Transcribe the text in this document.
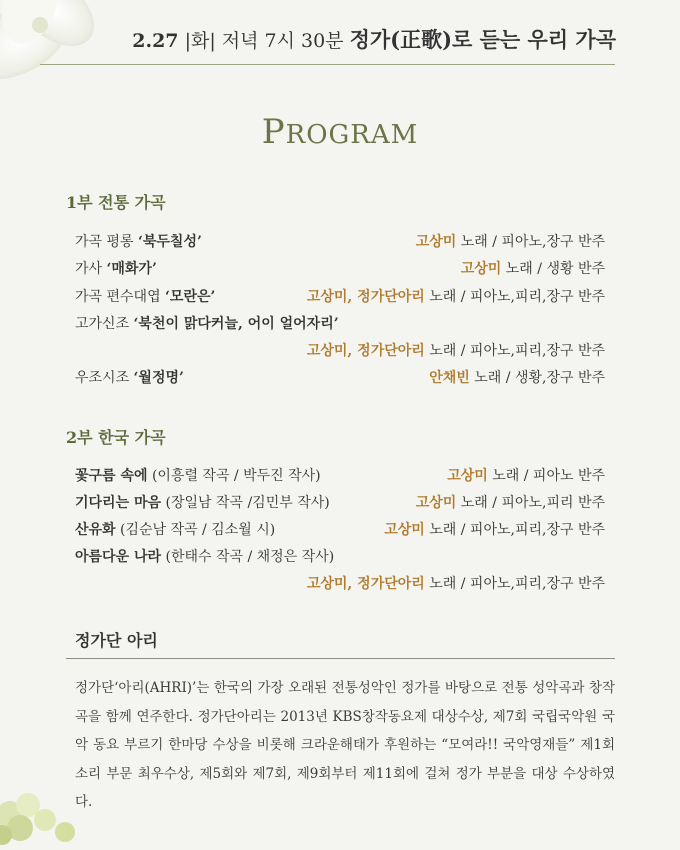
2.27 |화| 저녁 7시 30분 정가(正歌)로 듣는 우리 가곡
PROGRAM
1부 전통 가곡
가곡 평롱 ‘북두칠성’	고상미 노래 / 피아노,장구 반주
가사 ‘매화가’	고상미 노래 / 생황 반주
가곡 편수대엽 ‘모란은’	고상미, 정가단아리 노래 / 피아노,피리,장구 반주
고가신조 ‘북천이 맑다커늘, 어이 얼어자리’
고상미, 정가단아리 노래 / 피아노,피리,장구 반주
우조시조 ‘월정명’	안채빈 노래 / 생황,장구 반주
2부 한국 가곡
꽃구름 속에 (이흥렬 작곡 / 박두진 작사)	고상미 노래 / 피아노 반주
기다리는 마음 (장일남 작곡 /김민부 작사)	고상미 노래 / 피아노,피리 반주
산유화 (김순남 작곡 / 김소월 시)	고상미 노래 / 피아노,피리,장구 반주
아름다운 나라 (한태수 작곡 / 채정은 작사)
고상미, 정가단아리 노래 / 피아노,피리,장구 반주
정가단 아리
정가단‘아리(AHRI)’는 한국의 가장 오래된 전통성악인 정가를 바탕으로 전통 성악곡과 창작곡을 함께 연주한다. 정가단아리는 2013년 KBS창작동요제 대상수상, 제7회 국립국악원 국악 동요 부르기 한마당 수상을 비롯해 크라운해태가 후원하는 “모여라!! 국악영재들” 제1회 소리 부문 최우수상, 제5회와 제7회, 제9회부터 제11회에 걸쳐 정가 부분을 대상 수상하였다.
